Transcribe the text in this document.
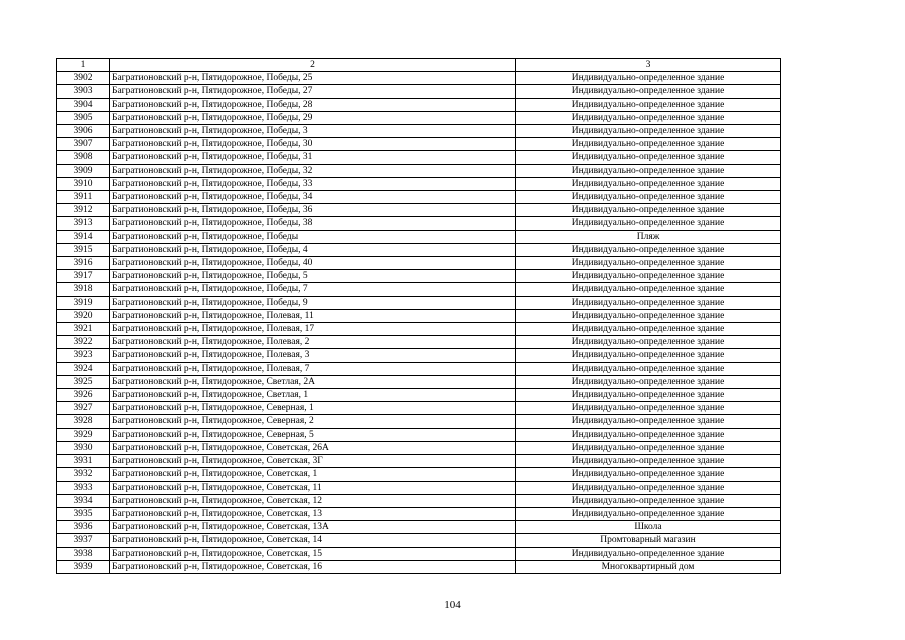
1	2	3
3902	Багратионовский р-н, Пятидорожное, Победы, 25	Индивидуально-определенное здание
3903	Багратионовский р-н, Пятидорожное, Победы, 27	Индивидуально-определенное здание
3904	Багратионовский р-н, Пятидорожное, Победы, 28	Индивидуально-определенное здание
3905	Багратионовский р-н, Пятидорожное, Победы, 29	Индивидуально-определенное здание
3906	Багратионовский р-н, Пятидорожное, Победы, 3	Индивидуально-определенное здание
3907	Багратионовский р-н, Пятидорожное, Победы, 30	Индивидуально-определенное здание
3908	Багратионовский р-н, Пятидорожное, Победы, 31	Индивидуально-определенное здание
3909	Багратионовский р-н, Пятидорожное, Победы, 32	Индивидуально-определенное здание
3910	Багратионовский р-н, Пятидорожное, Победы, 33	Индивидуально-определенное здание
3911	Багратионовский р-н, Пятидорожное, Победы, 34	Индивидуально-определенное здание
3912	Багратионовский р-н, Пятидорожное, Победы, 36	Индивидуально-определенное здание
3913	Багратионовский р-н, Пятидорожное, Победы, 38	Индивидуально-определенное здание
3914	Багратионовский р-н, Пятидорожное, Победы	Пляж
3915	Багратионовский р-н, Пятидорожное, Победы, 4	Индивидуально-определенное здание
3916	Багратионовский р-н, Пятидорожное, Победы, 40	Индивидуально-определенное здание
3917	Багратионовский р-н, Пятидорожное, Победы, 5	Индивидуально-определенное здание
3918	Багратионовский р-н, Пятидорожное, Победы, 7	Индивидуально-определенное здание
3919	Багратионовский р-н, Пятидорожное, Победы, 9	Индивидуально-определенное здание
3920	Багратионовский р-н, Пятидорожное, Полевая, 11	Индивидуально-определенное здание
3921	Багратионовский р-н, Пятидорожное, Полевая, 17	Индивидуально-определенное здание
3922	Багратионовский р-н, Пятидорожное, Полевая, 2	Индивидуально-определенное здание
3923	Багратионовский р-н, Пятидорожное, Полевая, 3	Индивидуально-определенное здание
3924	Багратионовский р-н, Пятидорожное, Полевая, 7	Индивидуально-определенное здание
3925	Багратионовский р-н, Пятидорожное, Светлая, 2А	Индивидуально-определенное здание
3926	Багратионовский р-н, Пятидорожное, Светлая, 1	Индивидуально-определенное здание
3927	Багратионовский р-н, Пятидорожное, Северная, 1	Индивидуально-определенное здание
3928	Багратионовский р-н, Пятидорожное, Северная, 2	Индивидуально-определенное здание
3929	Багратионовский р-н, Пятидорожное, Северная, 5	Индивидуально-определенное здание
3930	Багратионовский р-н, Пятидорожное, Советская, 26А	Индивидуально-определенное здание
3931	Багратионовский р-н, Пятидорожное, Советская, 3Г	Индивидуально-определенное здание
3932	Багратионовский р-н, Пятидорожное, Советская, 1	Индивидуально-определенное здание
3933	Багратионовский р-н, Пятидорожное, Советская, 11	Индивидуально-определенное здание
3934	Багратионовский р-н, Пятидорожное, Советская, 12	Индивидуально-определенное здание
3935	Багратионовский р-н, Пятидорожное, Советская, 13	Индивидуально-определенное здание
3936	Багратионовский р-н, Пятидорожное, Советская, 13А	Школа
3937	Багратионовский р-н, Пятидорожное, Советская, 14	Промтоварный магазин
3938	Багратионовский р-н, Пятидорожное, Советская, 15	Индивидуально-определенное здание
3939	Багратионовский р-н, Пятидорожное, Советская, 16	Многоквартирный дом
104
